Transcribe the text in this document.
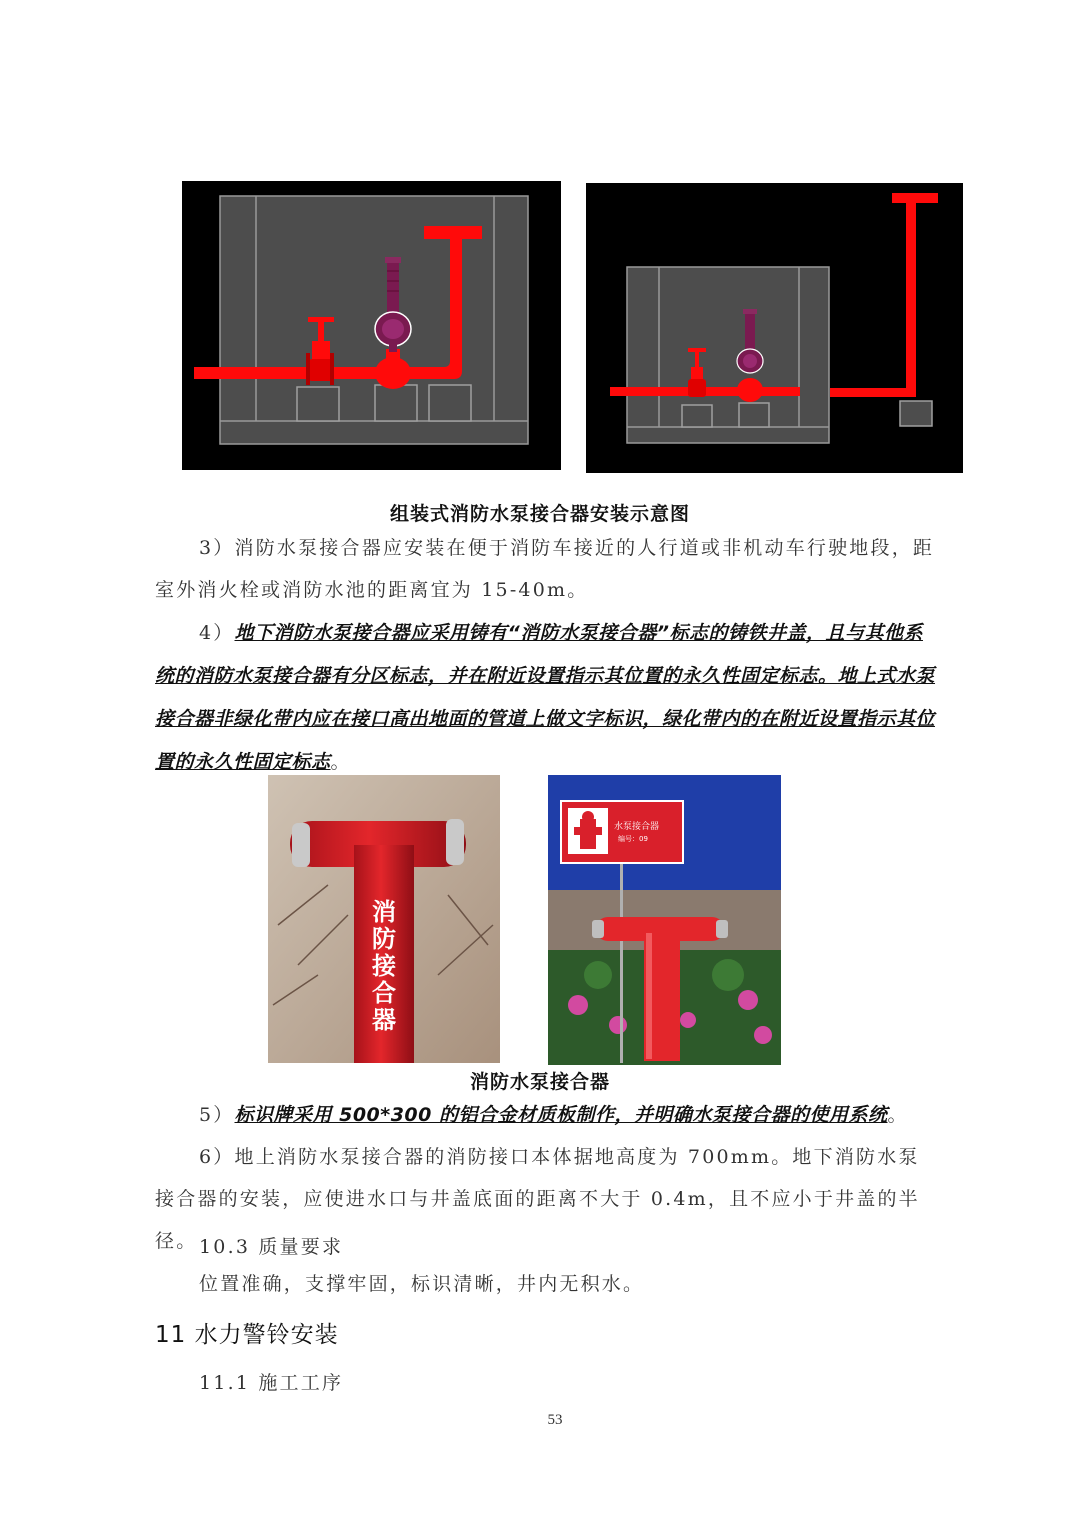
组装式消防水泵接合器安装示意图
3）消防水泵接合器应安装在便于消防车接近的人行道或非机动车行驶地段，距室外消火栓或消防水池的距离宜为 15-40m。
4）地下消防水泵接合器应采用铸有“消防水泵接合器”标志的铸铁井盖，且与其他系统的消防水泵接合器有分区标志，并在附近设置指示其位置的永久性固定标志。地上式水泵接合器非绿化带内应在接口高出地面的管道上做文字标识，绿化带内的在附近设置指示其位置的永久性固定标志。
消
防
接
合
器
水泵接合器
编号：09
消防水泵接合器
5）标识牌采用 500*300 的铝合金材质板制作，并明确水泵接合器的使用系统。
6）地上消防水泵接合器的消防接口本体据地高度为 700mm。地下消防水泵接合器的安装，应使进水口与井盖底面的距离不大于 0.4m，且不应小于井盖的半径。 10.3 质量要求
位置准确，支撑牢固，标识清晰，井内无积水。
11 水力警铃安装
11.1 施工工序
53
